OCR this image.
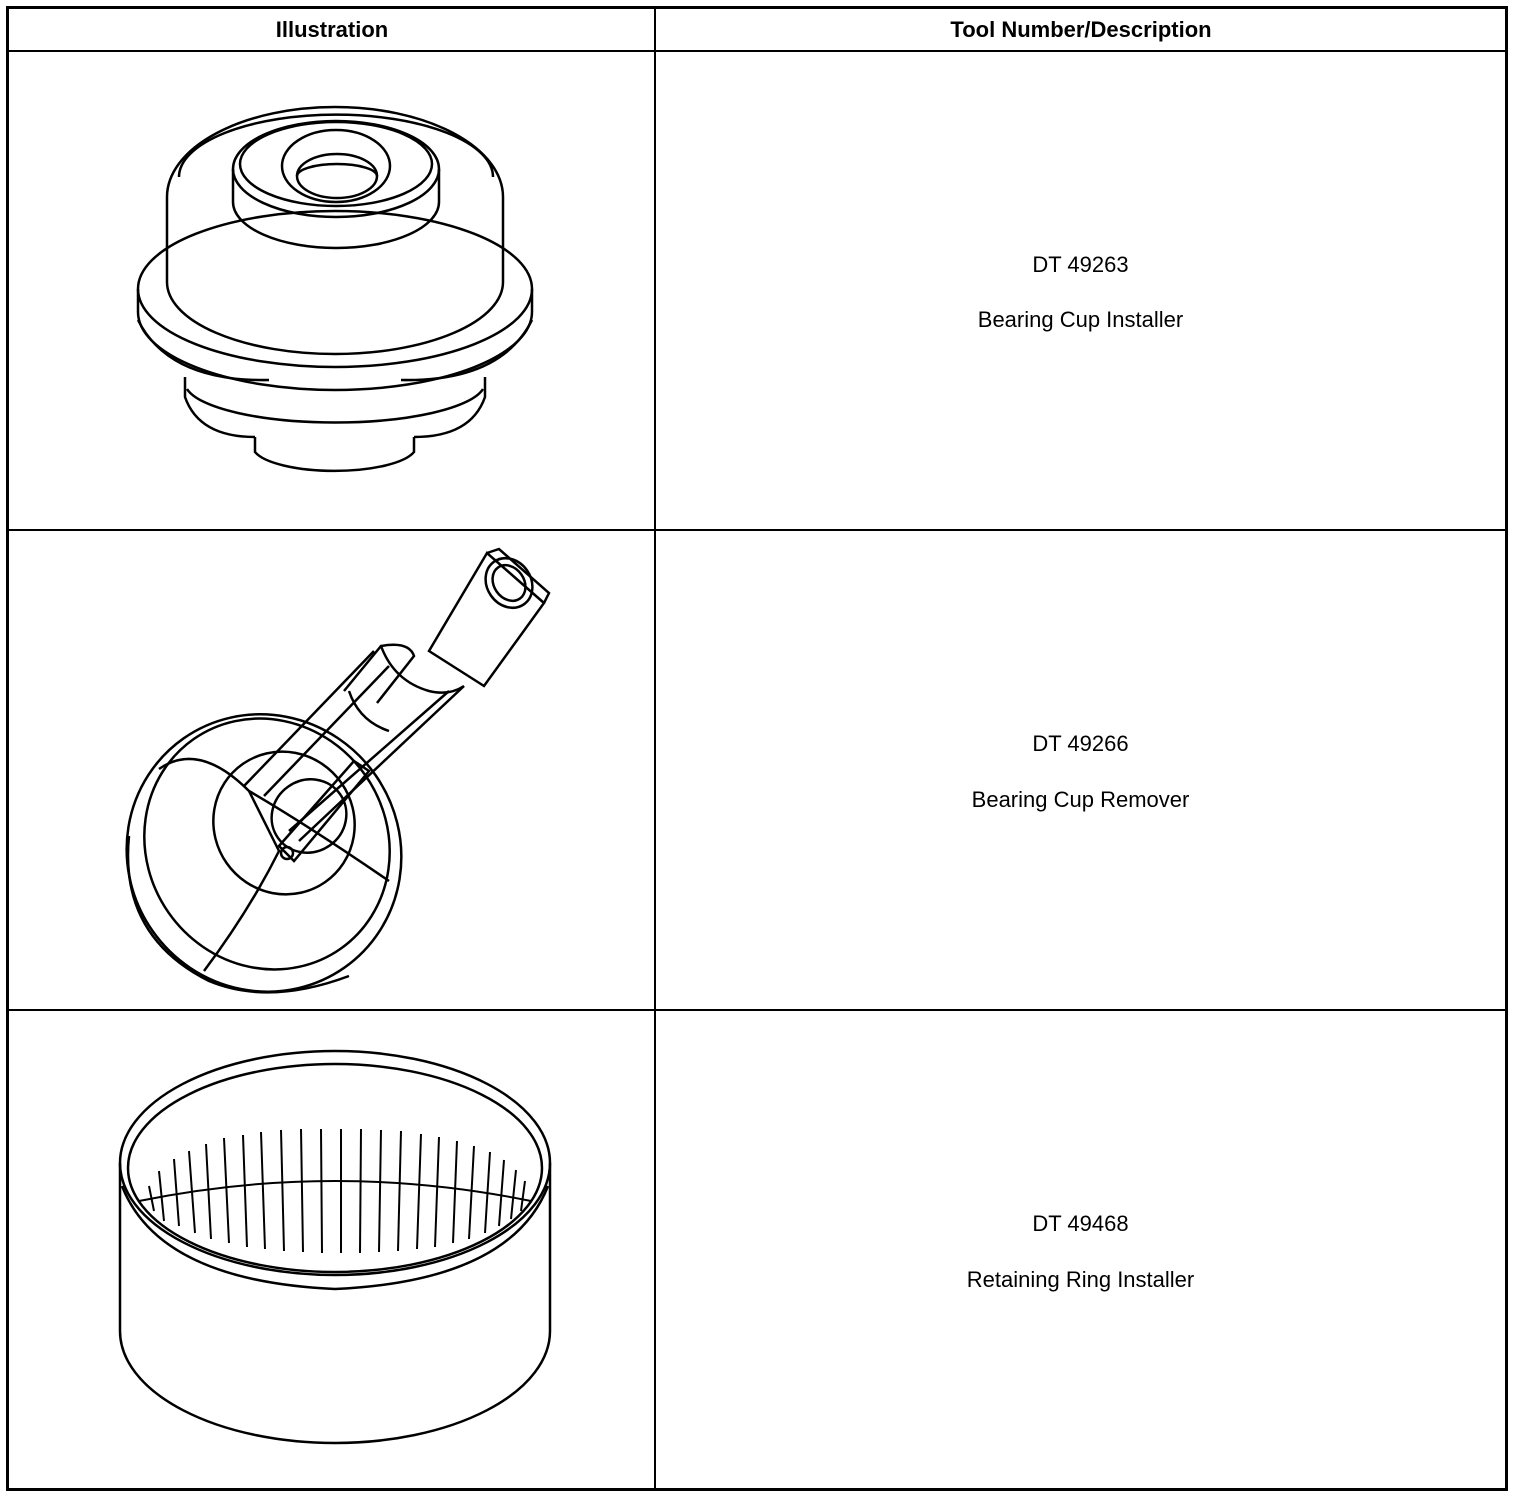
Illustration	Tool Number/Description
DT 49263
Bearing Cup Installer
DT 49266
Bearing Cup Remover
DT 49468
Retaining Ring Installer
